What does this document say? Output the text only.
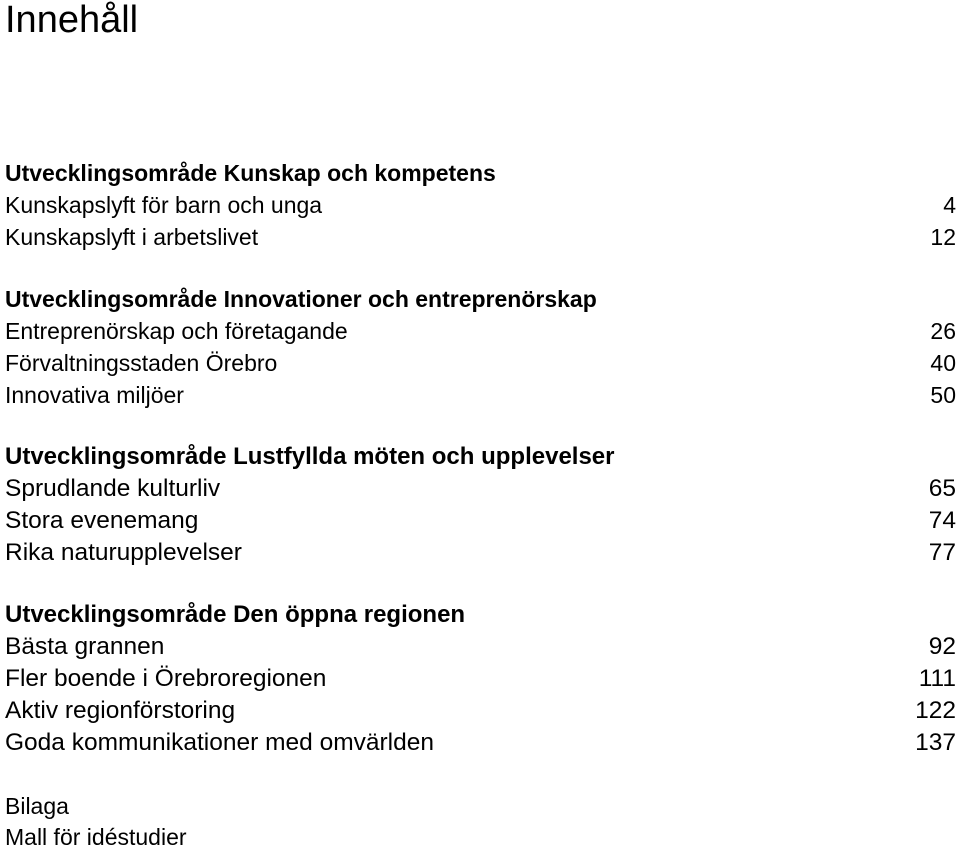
Innehåll
Utvecklingsområde Kunskap och kompetens
Kunskapslyft för barn och unga	4
Kunskapslyft i arbetslivet	12
Utvecklingsområde Innovationer och entreprenörskap
Entreprenörskap och företagande	26
Förvaltningsstaden Örebro	40
Innovativa miljöer	50
Utvecklingsområde Lustfyllda möten och upplevelser
Sprudlande kulturliv	65
Stora evenemang	74
Rika naturupplevelser	77
Utvecklingsområde Den öppna regionen
Bästa grannen	92
Fler boende i Örebroregionen	111
Aktiv regionförstoring	122
Goda kommunikationer med omvärlden	137
Bilaga
Mall för idéstudier
